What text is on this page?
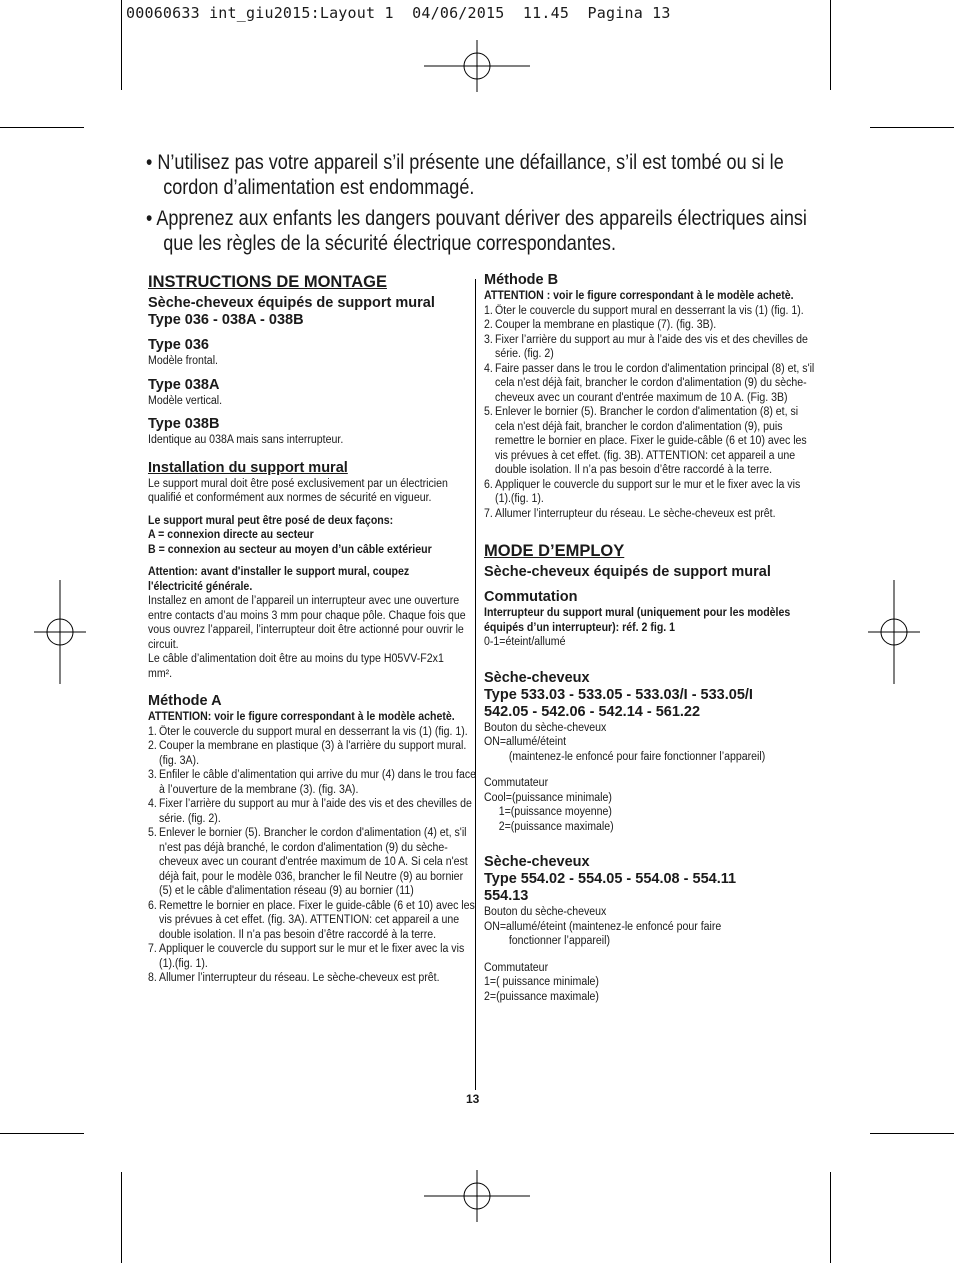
00060633 int_giu2015:Layout 1  04/06/2015  11.45  Pagina 13

• N’utilisez pas votre appareil s’il présente une défaillance, s’il est tombé ou si le cordon d’alimentation est endommagé.

• Apprenez aux enfants les dangers pouvant dériver des appareils électriques ainsi que les règles de la sécurité électrique correspondantes.

INSTRUCTIONS DE MONTAGE

Sèche-cheveux équipés de support mural

Type 036 - 038A - 038B

Type 036

Modèle frontal.

Type 038A

Modèle vertical.

Type 038B

Identique au 038A mais sans interrupteur.

Installation du support mural

Le support mural doit être posé exclusivement par un électricien qualifié et conformément aux normes de sécurité en vigueur.

Le support mural peut être posé de deux façons:

A = connexion directe au secteur

B = connexion au secteur au moyen d’un câble extérieur

Attention: avant d'installer le support mural, coupez l'électricité générale.

Installez en amont de l’appareil un interrupteur avec une ouverture entre contacts d’au moins 3 mm pour chaque pôle. Chaque fois que vous ouvrez l’appareil, l’interrupteur doit être actionné pour ouvrir le circuit.

Le câble d’alimentation doit être au moins du type H05VV-F2x1 mm².

Méthode A

ATTENTION: voir le figure correspondant à le modèle achetè.

1. Ôter le couvercle du support mural en desserrant la vis (1) (fig. 1).
2. Couper la membrane en plastique (3) à l'arrière du support mural. (fig. 3A).
3. Enfiler le câble d’alimentation qui arrive du mur (4) dans le trou face à l’ouverture de la membrane (3). (fig. 3A).
4. Fixer l’arrière du support au mur à l’aide des vis et des chevilles de série. (fig. 2).
5. Enlever le bornier (5). Brancher le cordon d'alimentation (4) et, s'il n'est pas déjà branché, le cordon d'alimentation (9) du sèche-cheveux avec un courant d'entrée maximum de 10 A. Si cela n'est déjà fait, pour le modèle 036, brancher le fil Neutre (9) au bornier (5) et le câble d'alimentation réseau (9) au bornier (11)
6. Remettre le bornier en place. Fixer le guide-câble (6 et 10) avec les vis prévues à cet effet. (fig. 3A). ATTENTION: cet appareil a une double isolation. Il n’a pas besoin d’être raccordé à la terre.
7. Appliquer le couvercle du support sur le mur et le fixer avec la vis (1).(fig. 1).
8. Allumer l’interrupteur du réseau. Le sèche-cheveux est prêt.

Méthode B

ATTENTION : voir le figure correspondant à le modèle achetè.

1. Ôter le couvercle du support mural en desserrant la vis (1) (fig. 1).
2. Couper la membrane en plastique (7). (fig. 3B).
3. Fixer l’arrière du support au mur à l’aide des vis et des chevilles de série. (fig. 2)
4. Faire passer dans le trou le cordon d'alimentation principal (8) et, s'il cela n'est déjà fait, brancher le cordon d'alimentation (9) du sèche-cheveux avec un courant d'entrée maximum de 10 A. (Fig. 3B)
5. Enlever le bornier (5). Brancher le cordon d'alimentation (8) et, si cela n'est déjà fait, brancher le cordon d'alimentation (9), puis remettre le bornier en place. Fixer le guide-câble (6 et 10) avec les vis prévues à cet effet. (fig. 3B). ATTENTION: cet appareil a une double isolation. Il n’a pas besoin d’être raccordé à la terre.
6. Appliquer le couvercle du support sur le mur et le fixer avec la vis (1).(fig. 1).
7. Allumer l’interrupteur du réseau. Le sèche-cheveux est prêt.
MODE D’EMPLOY

Sèche-cheveux équipés de support mural

Commutation

Interrupteur du support mural (uniquement pour les modèles équipés d’un interrupteur): réf. 2 fig. 1

0-1=éteint/allumé

Sèche-cheveux

Type 533.03 - 533.05 - 533.03/I - 533.05/I

542.05 - 542.06 - 542.14 - 561.22

Bouton du sèche-cheveux

ON=allumé/éteint

(maintenez-le enfoncé pour faire fonctionner l’appareil)

Commutateur

Cool=(puissance minimale)

1=(puissance moyenne)

2=(puissance maximale)

Sèche-cheveux

Type 554.02 - 554.05 - 554.08 - 554.11

554.13

Bouton du sèche-cheveux

ON=allumé/éteint (maintenez-le enfoncé pour faire

fonctionner l’appareil)

Commutateur

1=( puissance minimale)

2=(puissance maximale)

13
